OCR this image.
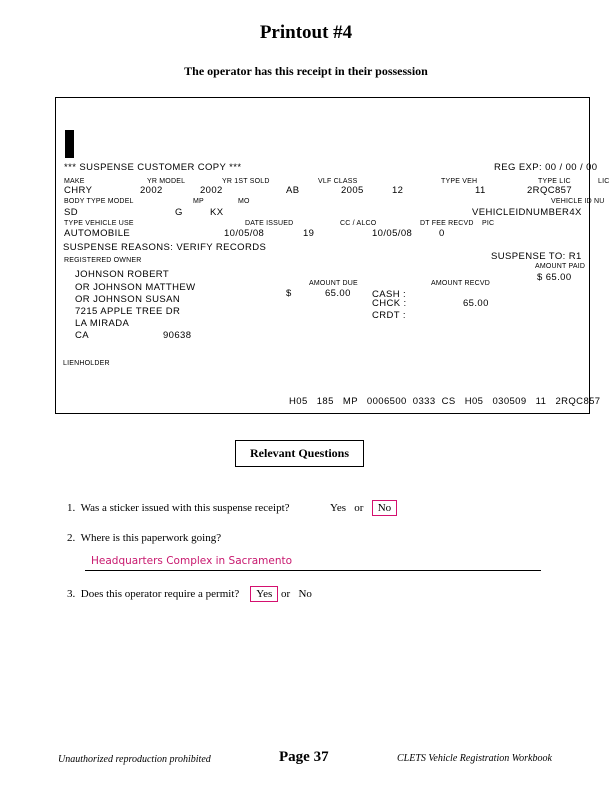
Printout #4
The operator has this receipt in their possession
*** SUSPENSE CUSTOMER COPY ***	REG EXP: 00 / 00 / 00
MAKE	YR MODEL	YR 1ST SOLD	VLF CLASS	TYPE VEH	TYPE LIC	LIC
CHRY	2002	2002	AB	2005	12	11	2RQC857
BODY TYPE MODEL	MP	MO	VEHICLE ID NU
SD	G	KX	VEHICLEIDNUMBER4X
TYPE VEHICLE USE	DATE ISSUED	CC / ALCO	DT FEE RECVD PIC
AUTOMOBILE	10/05/08	19	10/05/08	0
SUSPENSE REASONS: VERIFY RECORDS
REGISTERED OWNER	SUSPENSE TO: R1
AMOUNT PAID
$ 65.00
JOHNSON ROBERT
OR JOHNSON MATTHEW
OR JOHNSON SUSAN
7215 APPLE TREE DR
LA MIRADA
CA	90638
AMOUNT DUE
$	65.00
AMOUNT RECVD
CASH :
CHCK :	65.00
CRDT :
LIENHOLDER
H05   185   MP   0006500  0333  CS   H05   030509   11   2RQC857
Relevant Questions
1. Was a sticker issued with this suspense receipt?	Yes or No
2. Where is this paperwork going?
Headquarters Complex in Sacramento
3. Does this operator require a permit? Yes or No
Unauthorized reproduction prohibited	Page 37	CLETS Vehicle Registration Workbook
